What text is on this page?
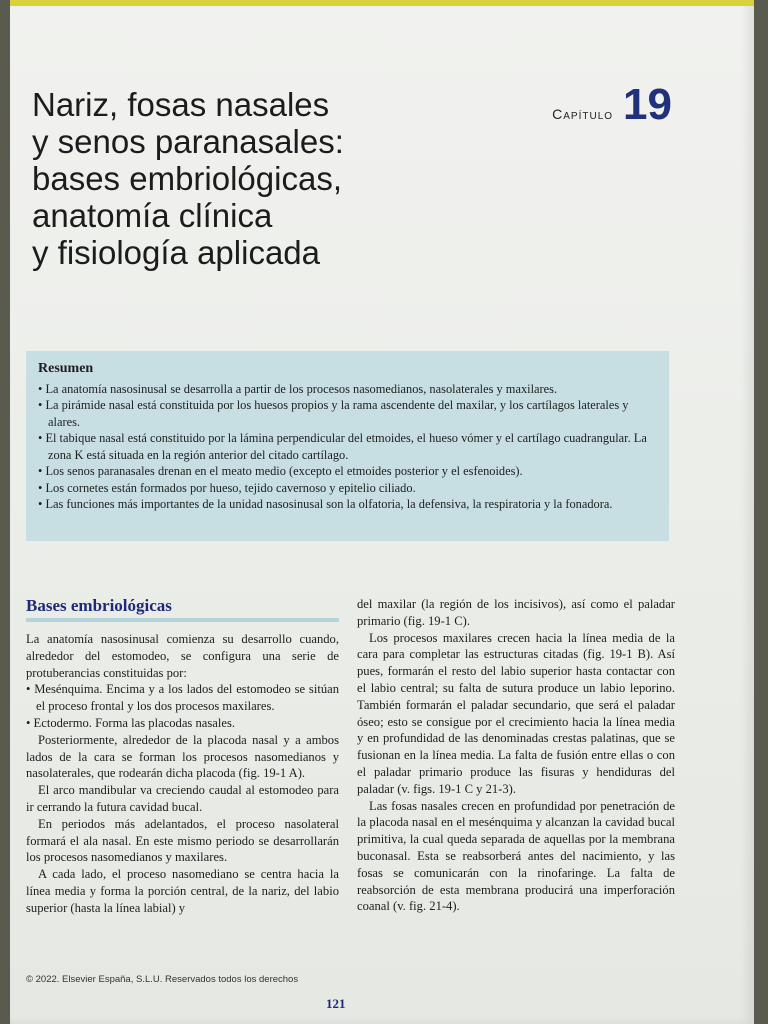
Nariz, fosas nasales
y senos paranasales:
bases embriológicas,
anatomía clínica
y fisiología aplicada
Capítulo 19
Resumen
• La anatomía nasosinusal se desarrolla a partir de los procesos nasomedianos, nasolaterales y maxilares.
• La pirámide nasal está constituida por los huesos propios y la rama ascendente del maxilar, y los cartílagos laterales y alares.
• El tabique nasal está constituido por la lámina perpendicular del etmoides, el hueso vómer y el cartílago cuadrangular. La zona K está situada en la región anterior del citado cartílago.
• Los senos paranasales drenan en el meato medio (excepto el etmoides posterior y el esfenoides).
• Los cornetes están formados por hueso, tejido cavernoso y epitelio ciliado.
• Las funciones más importantes de la unidad nasosinusal son la olfatoria, la defensiva, la respiratoria y la fonadora.
Bases embriológicas

La anatomía nasosinusal comienza su desarrollo cuando, alrededor del estomodeo, se configura una serie de protuberancias constituidas por:

• Mesénquima. Encima y a los lados del estomodeo se sitúan el proceso frontal y los dos procesos maxilares.

• Ectodermo. Forma las placodas nasales.

Posteriormente, alrededor de la placoda nasal y a ambos lados de la cara se forman los procesos nasomedianos y nasolaterales, que rodearán dicha placoda (fig. 19-1 A).

El arco mandibular va creciendo caudal al estomodeo para ir cerrando la futura cavidad bucal.

En periodos más adelantados, el proceso nasolateral formará el ala nasal. En este mismo periodo se desarrollarán los procesos nasomedianos y maxilares.

A cada lado, el proceso nasomediano se centra hacia la línea media y forma la porción central, de la nariz, del labio superior (hasta la línea labial) y

del maxilar (la región de los incisivos), así como el paladar primario (fig. 19-1 C).

Los procesos maxilares crecen hacia la línea media de la cara para completar las estructuras citadas (fig. 19-1 B). Así pues, formarán el resto del labio superior hasta contactar con el labio central; su falta de sutura produce un labio leporino. También formarán el paladar secundario, que será el paladar óseo; esto se consigue por el crecimiento hacia la línea media y en profundidad de las denominadas crestas palatinas, que se fusionan en la línea media. La falta de fusión entre ellas o con el paladar primario produce las fisuras y hendiduras del paladar (v. figs. 19-1 C y 21-3).

Las fosas nasales crecen en profundidad por penetración de la placoda nasal en el mesénquima y alcanzan la cavidad bucal primitiva, la cual queda separada de aquellas por la membrana buconasal. Esta se reabsorberá antes del nacimiento, y las fosas se comunicarán con la rinofaringe. La falta de reabsorción de esta membrana producirá una imperforación coanal (v. fig. 21-4).

© 2022. Elsevier España, S.L.U. Reservados todos los derechos
121
